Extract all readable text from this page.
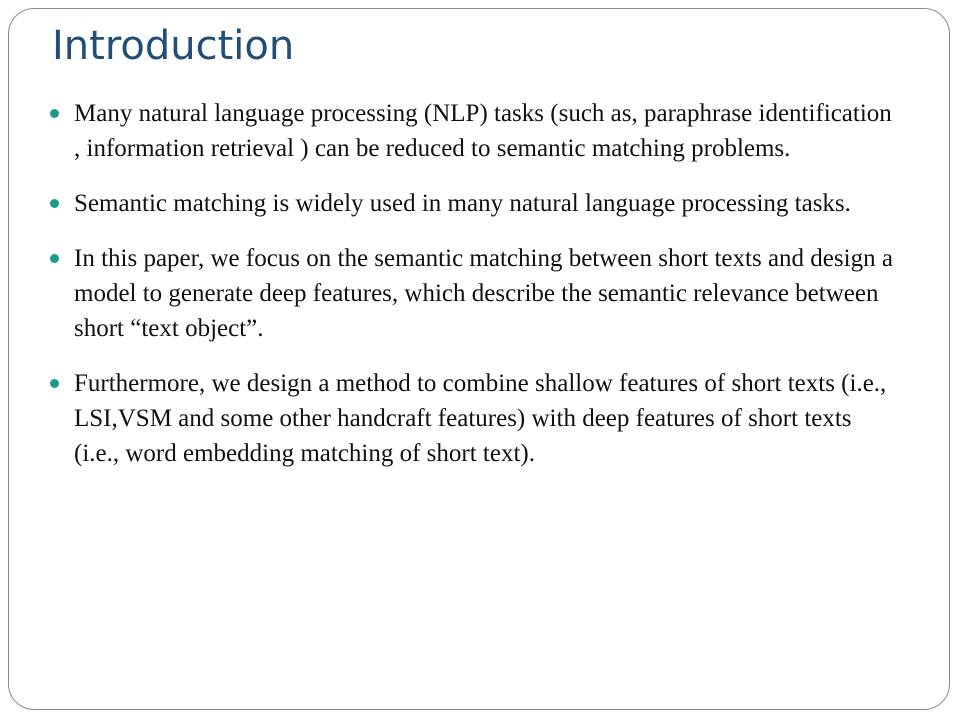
Introduction
Many natural language processing (NLP) tasks (such as, paraphrase identification , information retrieval ) can be reduced to semantic matching problems.
Semantic matching is widely used in many natural language processing tasks.
In this paper, we focus on the semantic matching between short texts and design a model to generate deep features, which describe the semantic relevance between short “text object”.
Furthermore, we design a method to combine shallow features of short texts (i.e., LSI,VSM and some other handcraft features) with deep features of short texts (i.e., word embedding matching of short text).
